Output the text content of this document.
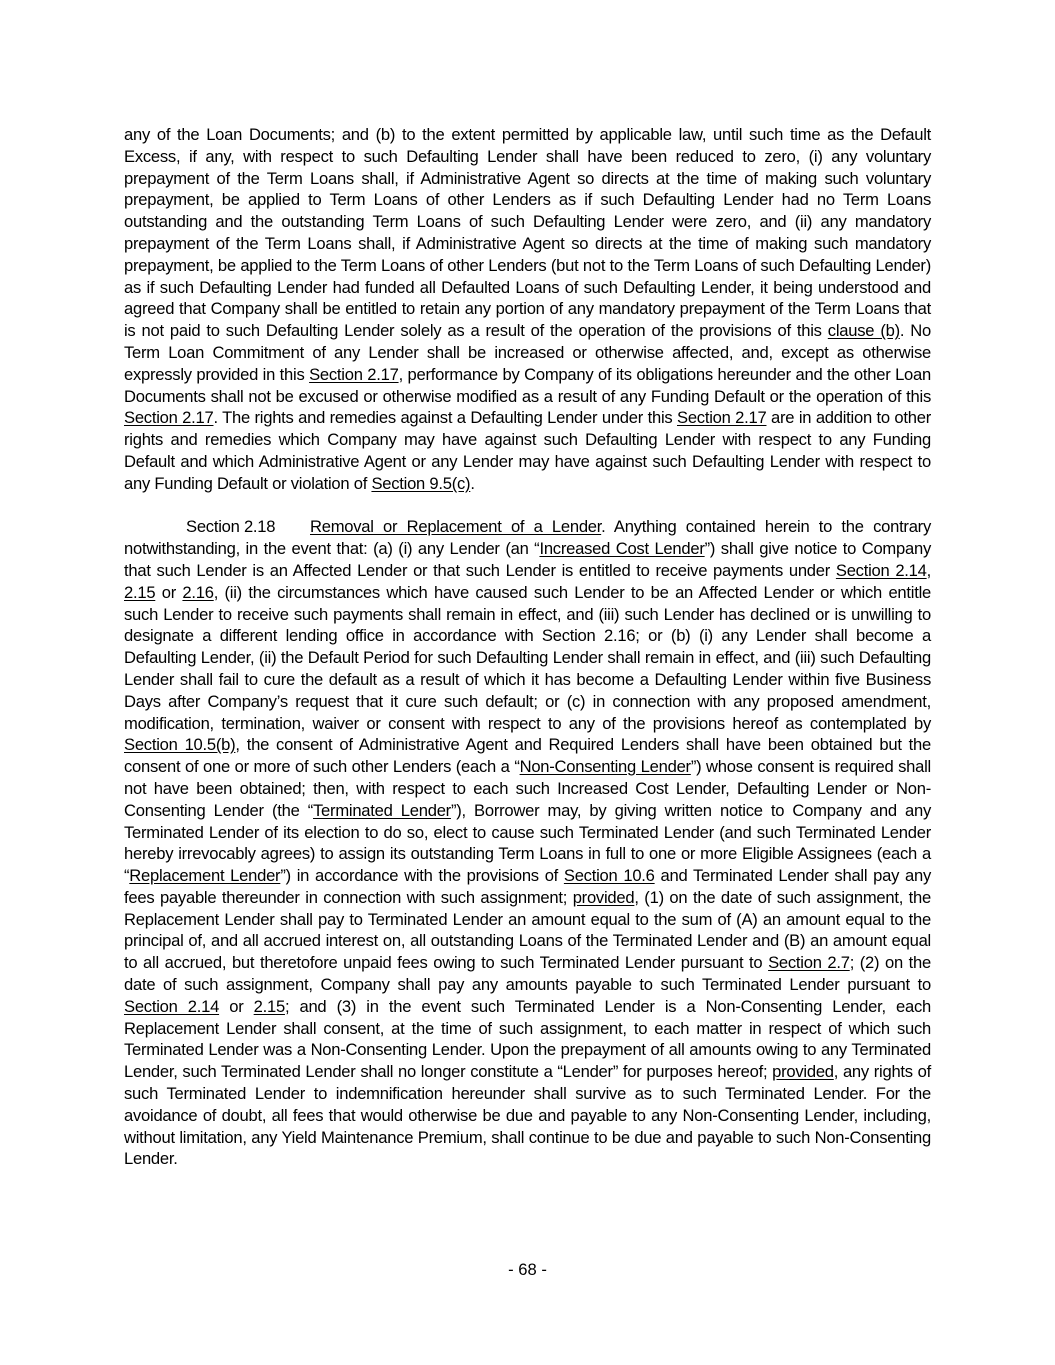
any of the Loan Documents; and (b) to the extent permitted by applicable law, until such time as the Default Excess, if any, with respect to such Defaulting Lender shall have been reduced to zero, (i) any voluntary prepayment of the Term Loans shall, if Administrative Agent so directs at the time of making such voluntary prepayment, be applied to Term Loans of other Lenders as if such Defaulting Lender had no Term Loans outstanding and the outstanding Term Loans of such Defaulting Lender were zero, and (ii) any mandatory prepayment of the Term Loans shall, if Administrative Agent so directs at the time of making such mandatory prepayment, be applied to the Term Loans of other Lenders (but not to the Term Loans of such Defaulting Lender) as if such Defaulting Lender had funded all Defaulted Loans of such Defaulting Lender, it being understood and agreed that Company shall be entitled to retain any portion of any mandatory prepayment of the Term Loans that is not paid to such Defaulting Lender solely as a result of the operation of the provisions of this clause (b). No Term Loan Commitment of any Lender shall be increased or otherwise affected, and, except as otherwise expressly provided in this Section 2.17, performance by Company of its obligations hereunder and the other Loan Documents shall not be excused or otherwise modified as a result of any Funding Default or the operation of this Section 2.17. The rights and remedies against a Defaulting Lender under this Section 2.17 are in addition to other rights and remedies which Company may have against such Defaulting Lender with respect to any Funding Default and which Administrative Agent or any Lender may have against such Defaulting Lender with respect to any Funding Default or violation of Section 9.5(c).

Section 2.18 Removal or Replacement of a Lender. Anything contained herein to the contrary notwithstanding, in the event that: (a) (i) any Lender (an “Increased Cost Lender”) shall give notice to Company that such Lender is an Affected Lender or that such Lender is entitled to receive payments under Section 2.14, 2.15 or 2.16, (ii) the circumstances which have caused such Lender to be an Affected Lender or which entitle such Lender to receive such payments shall remain in effect, and (iii) such Lender has declined or is unwilling to designate a different lending office in accordance with Section 2.16; or (b) (i) any Lender shall become a Defaulting Lender, (ii) the Default Period for such Defaulting Lender shall remain in effect, and (iii) such Defaulting Lender shall fail to cure the default as a result of which it has become a Defaulting Lender within five Business Days after Company’s request that it cure such default; or (c) in connection with any proposed amendment, modification, termination, waiver or consent with respect to any of the provisions hereof as contemplated by Section 10.5(b), the consent of Administrative Agent and Required Lenders shall have been obtained but the consent of one or more of such other Lenders (each a “Non-Consenting Lender”) whose consent is required shall not have been obtained; then, with respect to each such Increased Cost Lender, Defaulting Lender or Non-Consenting Lender (the “Terminated Lender”), Borrower may, by giving written notice to Company and any Terminated Lender of its election to do so, elect to cause such Terminated Lender (and such Terminated Lender hereby irrevocably agrees) to assign its outstanding Term Loans in full to one or more Eligible Assignees (each a “Replacement Lender”) in accordance with the provisions of Section 10.6 and Terminated Lender shall pay any fees payable thereunder in connection with such assignment; provided, (1) on the date of such assignment, the Replacement Lender shall pay to Terminated Lender an amount equal to the sum of (A) an amount equal to the principal of, and all accrued interest on, all outstanding Loans of the Terminated Lender and (B) an amount equal to all accrued, but theretofore unpaid fees owing to such Terminated Lender pursuant to Section 2.7; (2) on the date of such assignment, Company shall pay any amounts payable to such Terminated Lender pursuant to Section 2.14 or 2.15; and (3) in the event such Terminated Lender is a Non-Consenting Lender, each Replacement Lender shall consent, at the time of such assignment, to each matter in respect of which such Terminated Lender was a Non-Consenting Lender. Upon the prepayment of all amounts owing to any Terminated Lender, such Terminated Lender shall no longer constitute a “Lender” for purposes hereof; provided, any rights of such Terminated Lender to indemnification hereunder shall survive as to such Terminated Lender. For the avoidance of doubt, all fees that would otherwise be due and payable to any Non-Consenting Lender, including, without limitation, any Yield Maintenance Premium, shall continue to be due and payable to such Non-Consenting Lender.

- 68 -
